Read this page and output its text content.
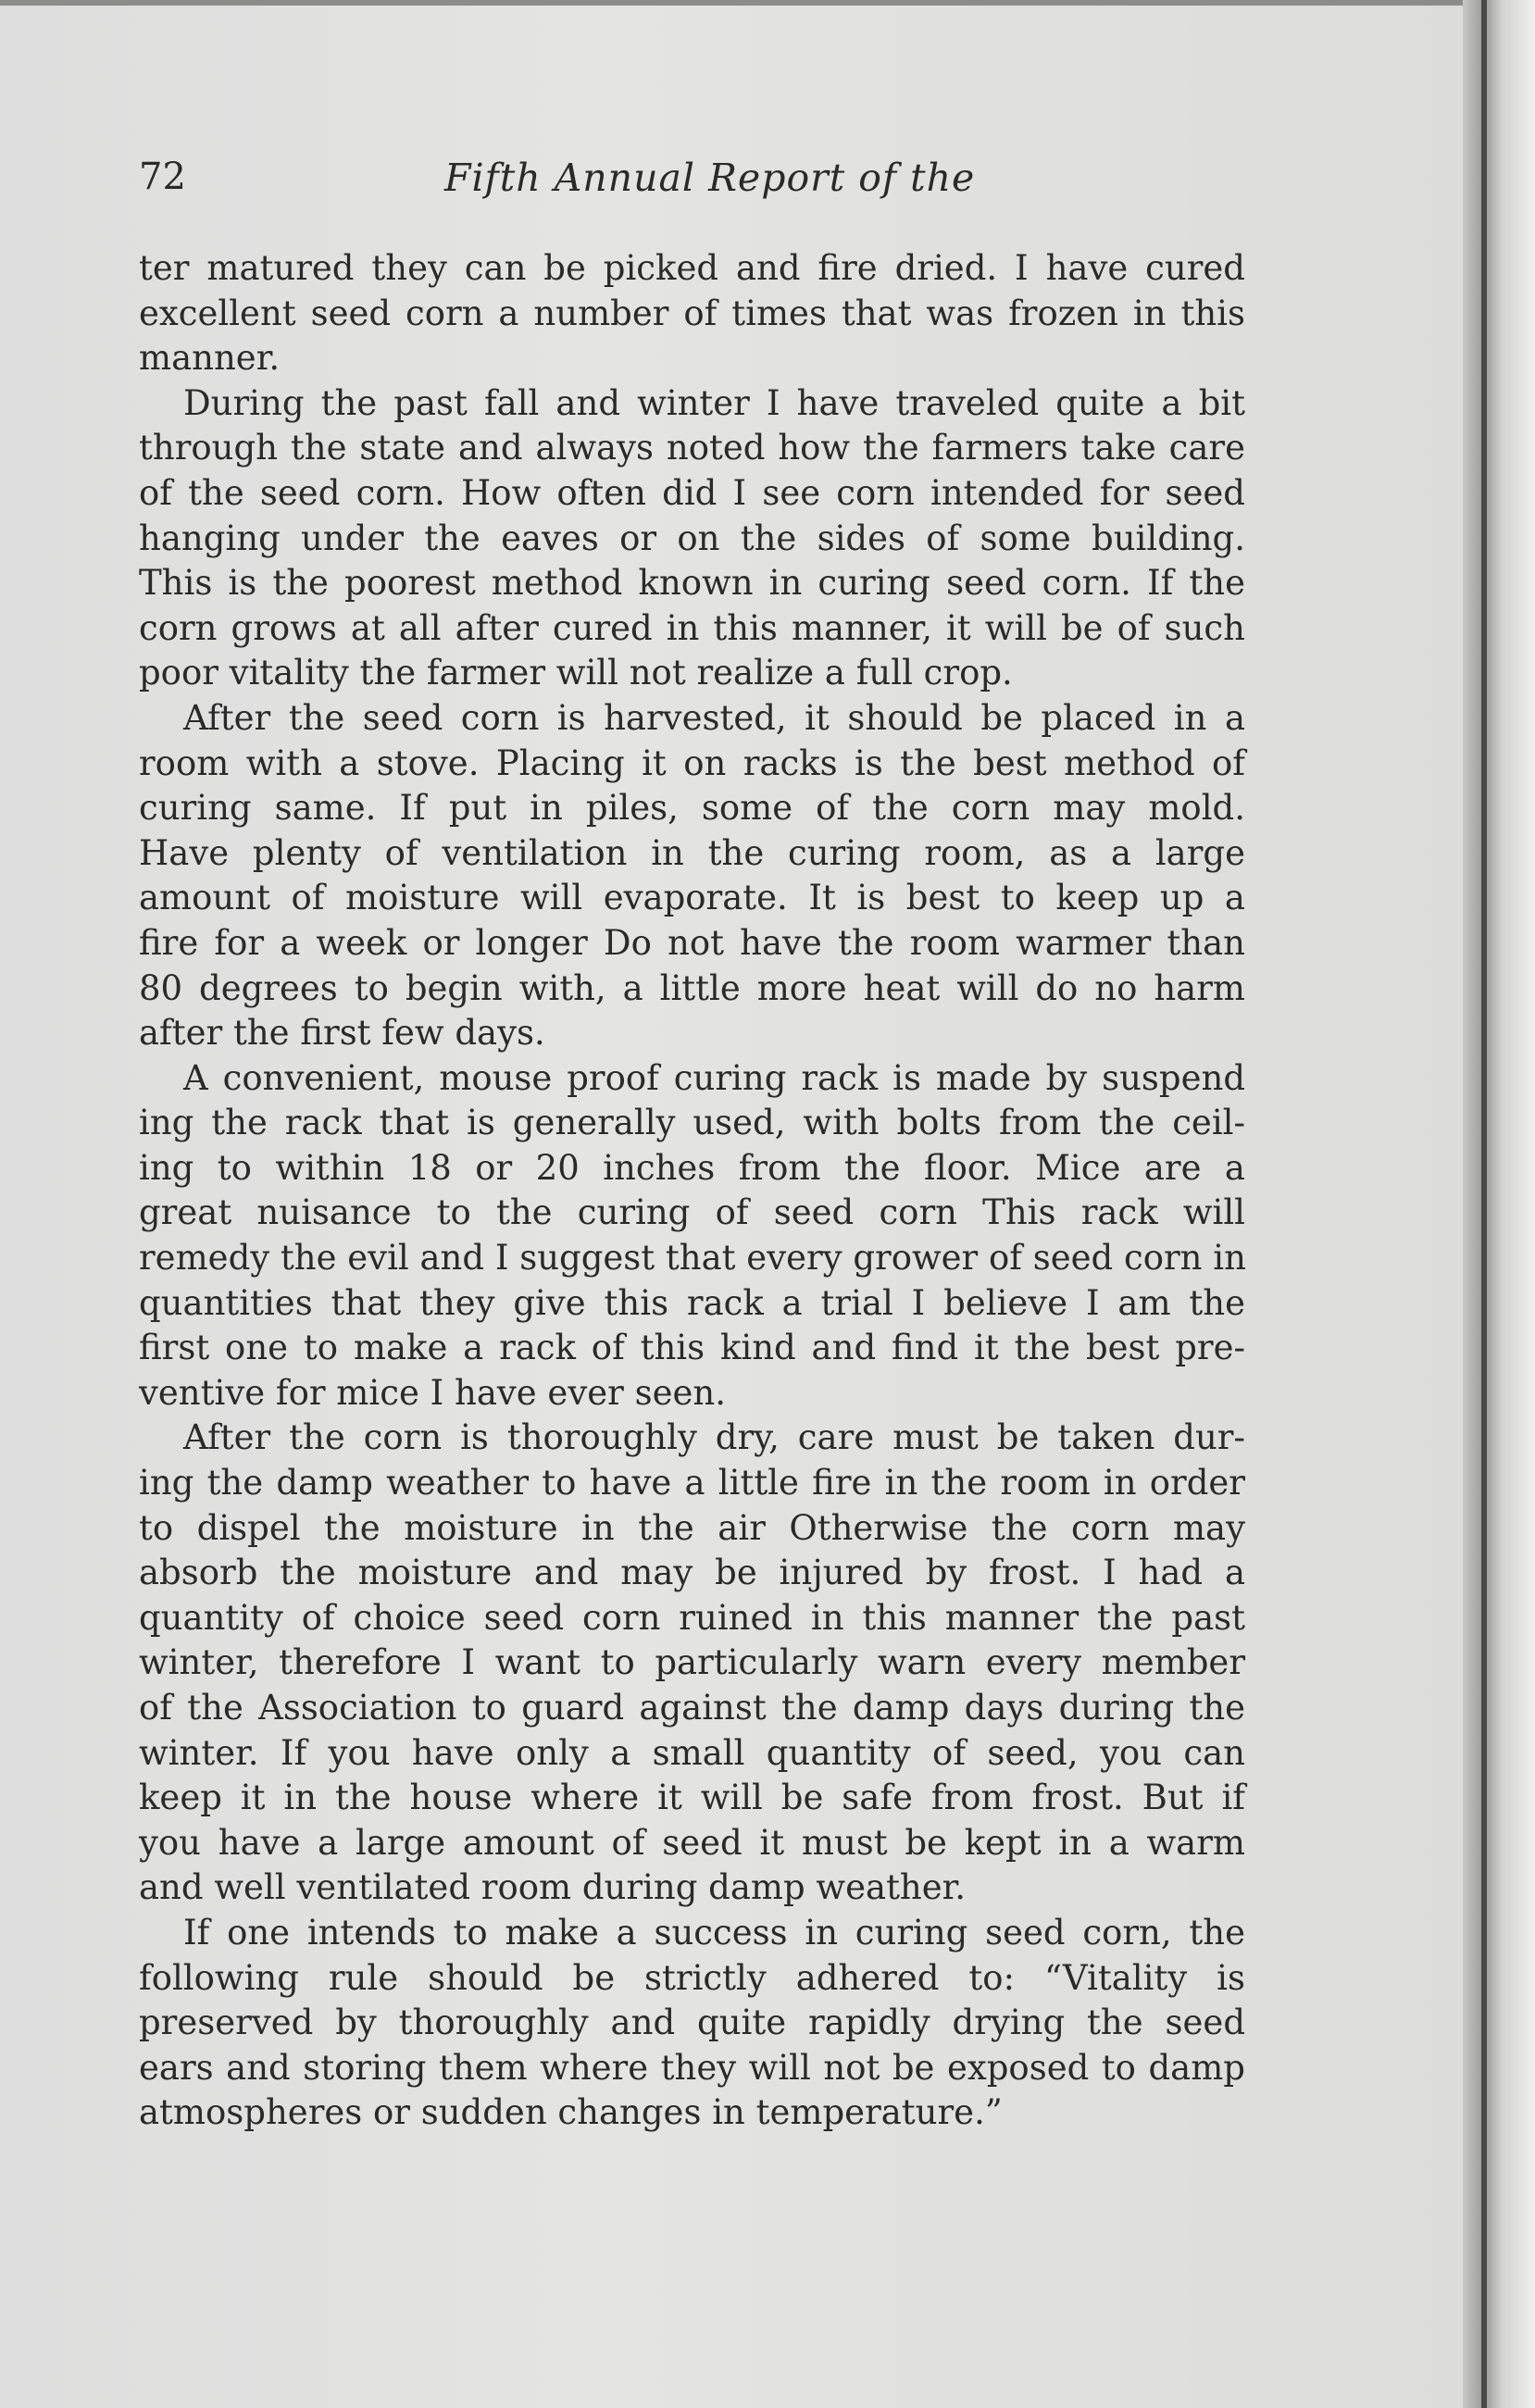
72	Fifth Annual Report of the
ter matured they can be picked and fire dried. I have cured
excellent seed corn a number of times that was frozen in this
manner.
During the past fall and winter I have traveled quite a bit
through the state and always noted how the farmers take care
of the seed corn. How often did I see corn intended for seed
hanging under the eaves or on the sides of some building.
This is the poorest method known in curing seed corn. If the
corn grows at all after cured in this manner, it will be of such
poor vitality the farmer will not realize a full crop.
After the seed corn is harvested, it should be placed in a
room with a stove. Placing it on racks is the best method of
curing same. If put in piles, some of the corn may mold.
Have plenty of ventilation in the curing room, as a large
amount of moisture will evaporate. It is best to keep up a
fire for a week or longer Do not have the room warmer than
80 degrees to begin with, a little more heat will do no harm
after the first few days.
A convenient, mouse proof curing rack is made by suspend
ing the rack that is generally used, with bolts from the ceil-
ing to within 18 or 20 inches from the floor. Mice are a
great nuisance to the curing of seed corn This rack will
remedy the evil and I suggest that every grower of seed corn in
quantities that they give this rack a trial I believe I am the
first one to make a rack of this kind and find it the best pre-
ventive for mice I have ever seen.
After the corn is thoroughly dry, care must be taken dur-
ing the damp weather to have a little fire in the room in order
to dispel the moisture in the air Otherwise the corn may
absorb the moisture and may be injured by frost. I had a
quantity of choice seed corn ruined in this manner the past
winter, therefore I want to particularly warn every member
of the Association to guard against the damp days during the
winter. If you have only a small quantity of seed, you can
keep it in the house where it will be safe from frost. But if
you have a large amount of seed it must be kept in a warm
and well ventilated room during damp weather.
If one intends to make a success in curing seed corn, the
following rule should be strictly adhered to: “Vitality is
preserved by thoroughly and quite rapidly drying the seed
ears and storing them where they will not be exposed to damp
atmospheres or sudden changes in temperature.”
